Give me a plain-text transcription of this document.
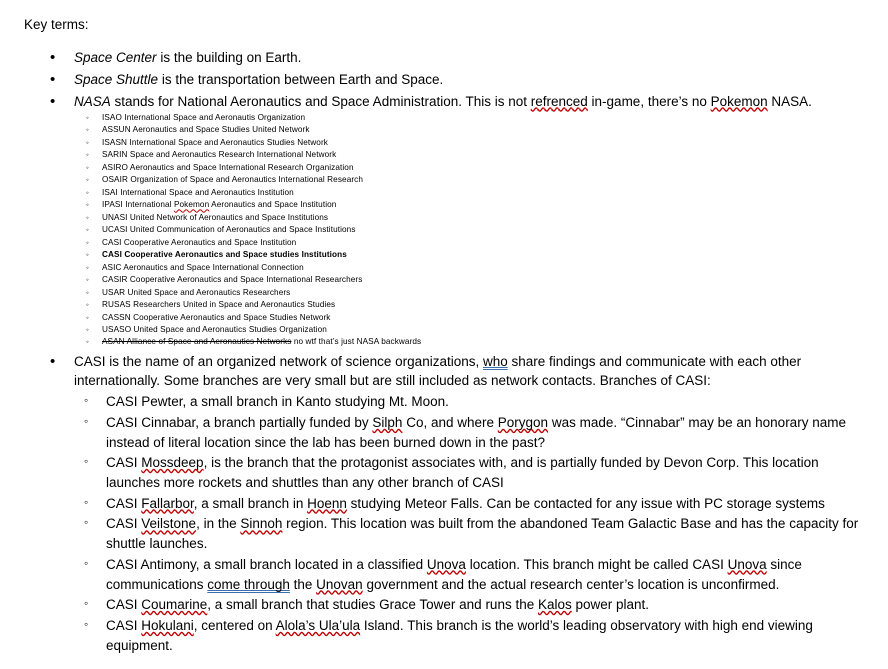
Key terms:

• Space Center is the building on Earth.
• Space Shuttle is the transportation between Earth and Space.
• NASA stands for National Aeronautics and Space Administration. This is not refrenced in-game, there’s no Pokemon NASA.
◦ ISAO International Space and Aeronautis Organization
◦ ASSUN Aeronautics and Space Studies United Network
◦ ISASN International Space and Aeronautics Studies Network
◦ SARIN Space and Aeronautics Research International Network
◦ ASIRO Aeronautics and Space International Research Organization
◦ OSAIR Organization of Space and Aeronautics International Research
◦ ISAI International Space and Aeronautics Institution
◦ IPASI International Pokemon Aeronautics and Space Institution
◦ UNASI United Network of Aeronautics and Space Institutions
◦ UCASI United Communication of Aeronautics and Space Institutions
◦ CASI Cooperative Aeronautics and Space Institution
◦ CASI Cooperative Aeronautics and Space studies Institutions
◦ ASIC Aeronautics and Space International Connection
◦ CASIR Cooperative Aeronautics and Space International Researchers
◦ USAR United Space and Aeronautics Researchers
◦ RUSAS Researchers United in Space and Aeronautics Studies
◦ CASSN Cooperative Aeronautics and Space Studies Network
◦ USASO United Space and Aeronautics Studies Organization
◦ ASAN Alliance of Space and Aeronautics Networks no wtf that’s just NASA backwards
• CASI is the name of an organized network of science organizations, who share findings and communicate with each other internationally. Some branches are very small but are still included as network contacts. Branches of CASI:
◦ CASI Pewter, a small branch in Kanto studying Mt. Moon.
◦ CASI Cinnabar, a branch partially funded by Silph Co, and where Porygon was made. “Cinnabar” may be an honorary name instead of literal location since the lab has been burned down in the past?
◦ CASI Mossdeep, is the branch that the protagonist associates with, and is partially funded by Devon Corp. This location launches more rockets and shuttles than any other branch of CASI
◦ CASI Fallarbor, a small branch in Hoenn studying Meteor Falls. Can be contacted for any issue with PC storage systems
◦ CASI Veilstone, in the Sinnoh region. This location was built from the abandoned Team Galactic Base and has the capacity for shuttle launches.
◦ CASI Antimony, a small branch located in a classified Unova location. This branch might be called CASI Unova since communications come through the Unovan government and the actual research center’s location is unconfirmed.
◦ CASI Coumarine, a small branch that studies Grace Tower and runs the Kalos power plant.
◦ CASI Hokulani, centered on Alola’s Ula’ula Island. This branch is the world’s leading observatory with high end viewing equipment.
